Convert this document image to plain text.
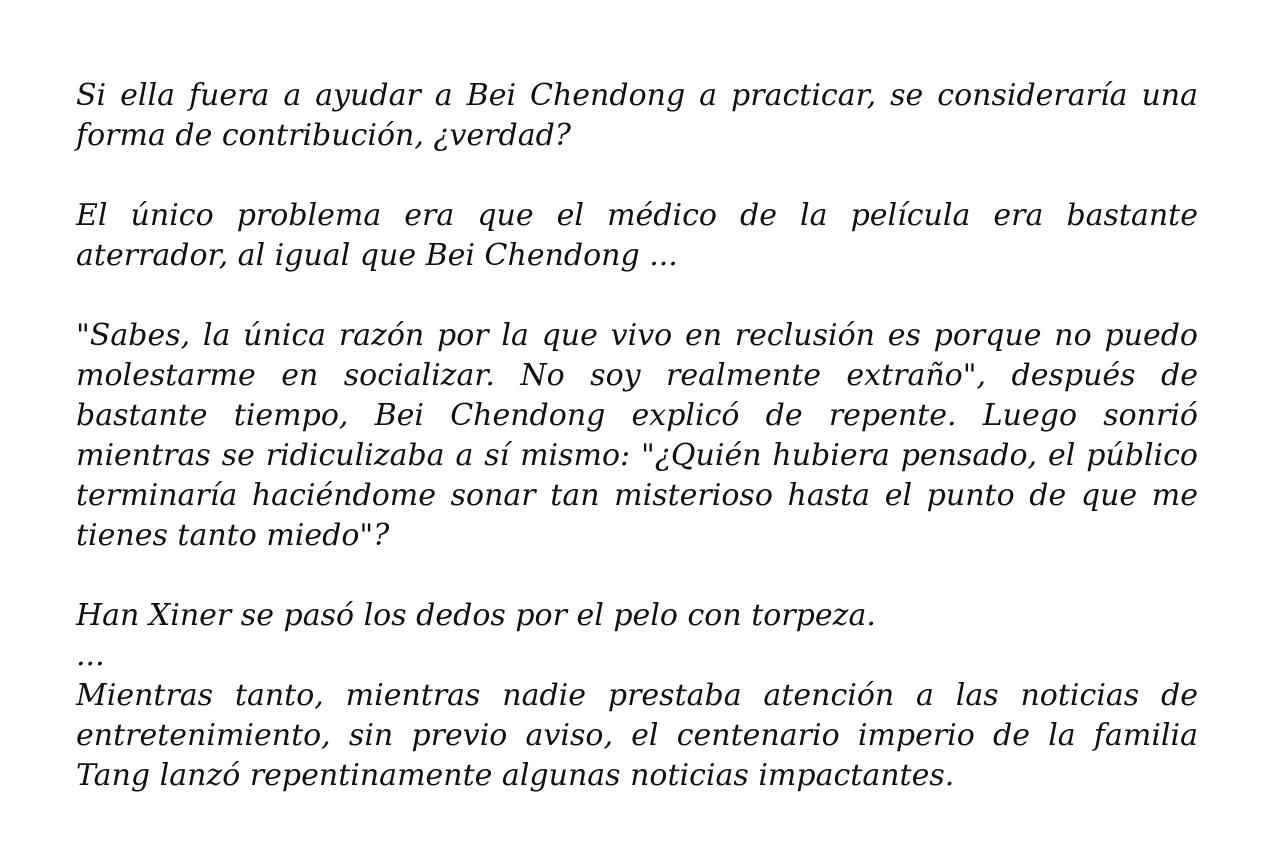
Si ella fuera a ayudar a Bei Chendong a practicar, se consideraría una forma de contribución, ¿verdad?

El único problema era que el médico de la película era bastante aterrador, al igual que Bei Chendong ...

"Sabes, la única razón por la que vivo en reclusión es porque no puedo molestarme en socializar. No soy realmente extraño", después de bastante tiempo, Bei Chendong explicó de repente. Luego sonrió mientras se ridiculizaba a sí mismo: "¿Quién hubiera pensado, el público terminaría haciéndome sonar tan misterioso hasta el punto de que me tienes tanto miedo"?

Han Xiner se pasó los dedos por el pelo con torpeza.

...

Mientras tanto, mientras nadie prestaba atención a las noticias de entretenimiento, sin previo aviso, el centenario imperio de la familia Tang lanzó repentinamente algunas noticias impactantes.
